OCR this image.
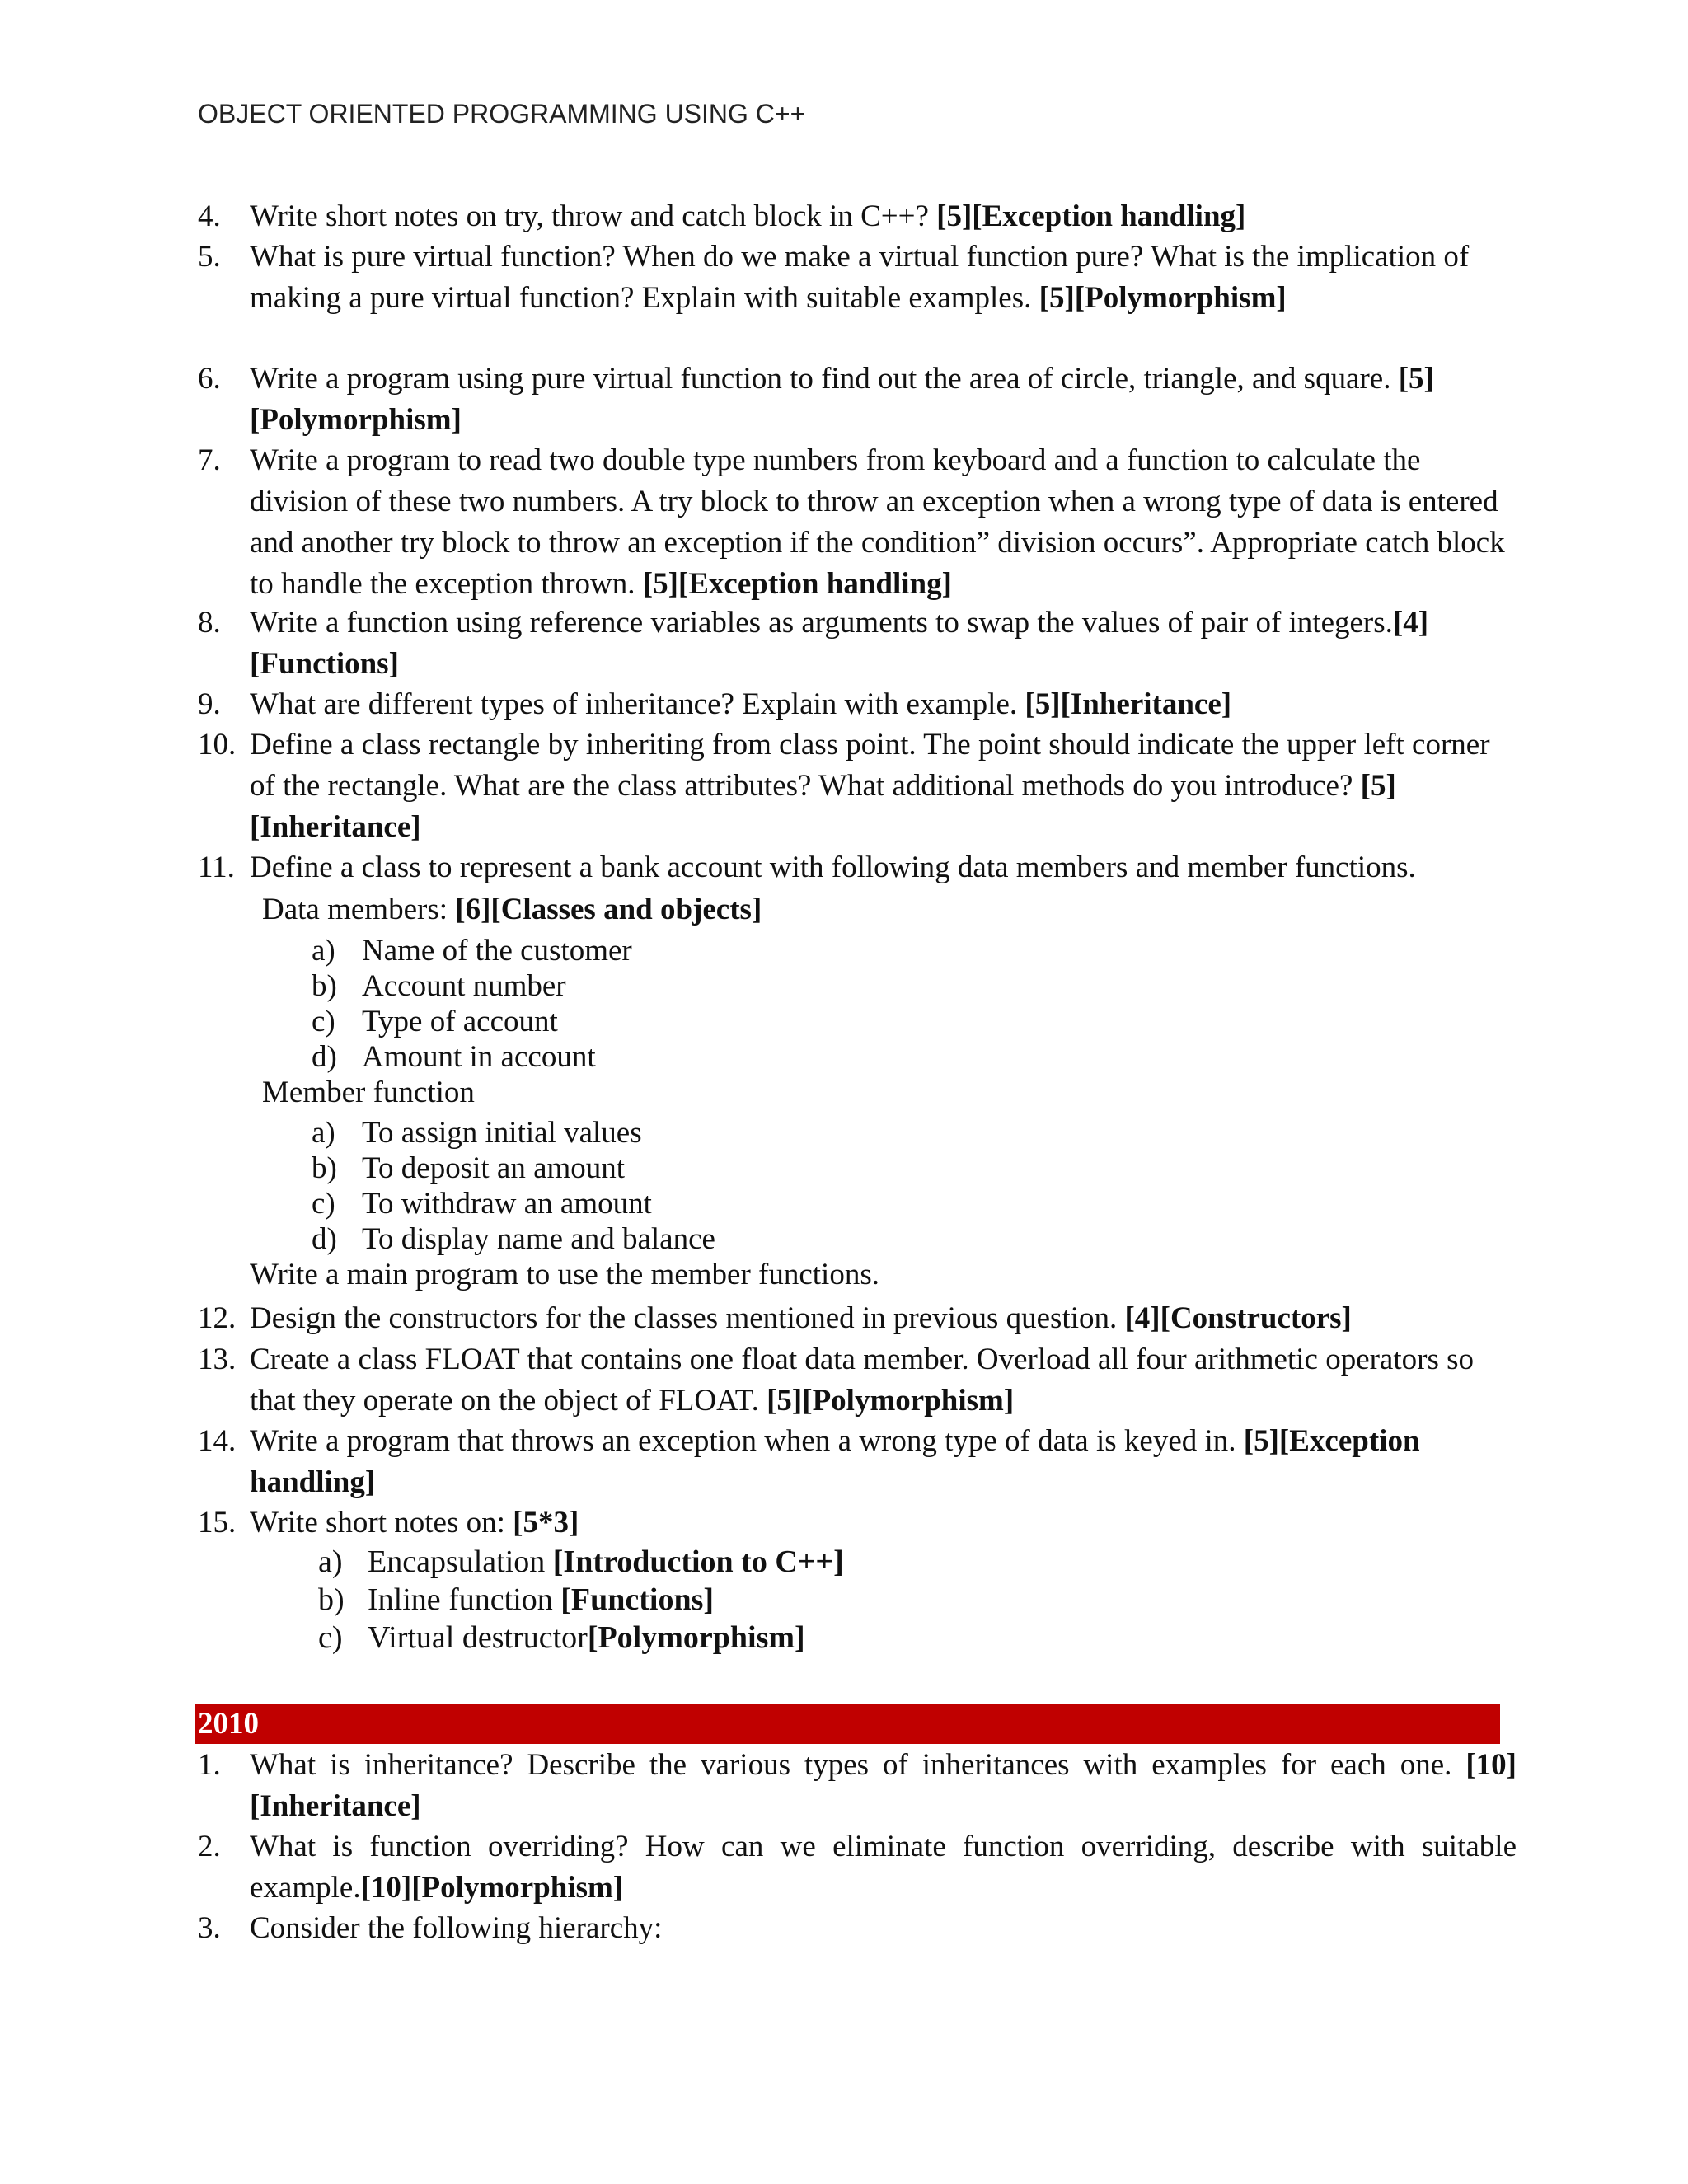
OBJECT ORIENTED PROGRAMMING USING C++
4. Write short notes on try, throw and catch block in C++? [5][Exception handling]
5. What is pure virtual function? When do we make a virtual function pure? What is the implication of making a pure virtual function? Explain with suitable examples. [5][Polymorphism]
6. Write a program using pure virtual function to find out the area of circle, triangle, and square. [5][Polymorphism]
7. Write a program to read two double type numbers from keyboard and a function to calculate the division of these two numbers. A try block to throw an exception when a wrong type of data is entered and another try block to throw an exception if the condition” division occurs”. Appropriate catch block to handle the exception thrown. [5][Exception handling]
8. Write a function using reference variables as arguments to swap the values of pair of integers.[4][Functions]
9. What are different types of inheritance? Explain with example. [5][Inheritance]
10. Define a class rectangle by inheriting from class point. The point should indicate the upper left corner of the rectangle. What are the class attributes? What additional methods do you introduce? [5][Inheritance]
11. Define a class to represent a bank account with following data members and member functions.
Data members: [6][Classes and objects]
a) Name of the customer
b) Account number
c) Type of account
d) Amount in account
Member function
a) To assign initial values
b) To deposit an amount
c) To withdraw an amount
d) To display name and balance
Write a main program to use the member functions.
12. Design the constructors for the classes mentioned in previous question. [4][Constructors]
13. Create a class FLOAT that contains one float data member. Overload all four arithmetic operators so that they operate on the object of FLOAT. [5][Polymorphism]
14. Write a program that throws an exception when a wrong type of data is keyed in. [5][Exception handling]
15. Write short notes on: [5*3]
a) Encapsulation [Introduction to C++]
b) Inline function [Functions]
c) Virtual destructor[Polymorphism]
2010
1. What is inheritance? Describe the various types of inheritances with examples for each one. [10][Inheritance]
2. What is function overriding? How can we eliminate function overriding, describe with suitable example.[10][Polymorphism]
3. Consider the following hierarchy:
